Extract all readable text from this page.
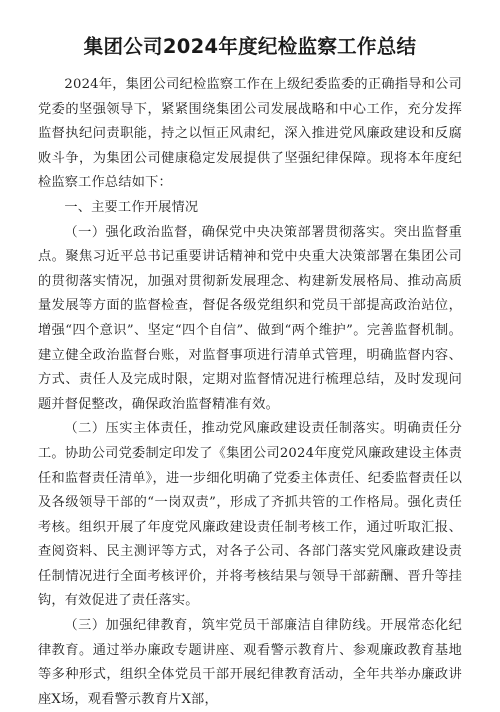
集团公司2024年度纪检监察工作总结

2024年，集团公司纪检监察工作在上级纪委监委的正确指导和公司党委的坚强领导下，紧紧围绕集团公司发展战略和中心工作，充分发挥监督执纪问责职能，持之以恒正风肃纪，深入推进党风廉政建设和反腐败斗争，为集团公司健康稳定发展提供了坚强纪律保障。现将本年度纪检监察工作总结如下：

一、主要工作开展情况

（一）强化政治监督，确保党中央决策部署贯彻落实。突出监督重点。聚焦习近平总书记重要讲话精神和党中央重大决策部署在集团公司的贯彻落实情况，加强对贯彻新发展理念、构建新发展格局、推动高质量发展等方面的监督检查，督促各级党组织和党员干部提高政治站位，增强“四个意识”、坚定“四个自信”、做到“两个维护”。完善监督机制。建立健全政治监督台账，对监督事项进行清单式管理，明确监督内容、方式、责任人及完成时限，定期对监督情况进行梳理总结，及时发现问题并督促整改，确保政治监督精准有效。

（二）压实主体责任，推动党风廉政建设责任制落实。明确责任分工。协助公司党委制定印发了《集团公司2024年度党风廉政建设主体责任和监督责任清单》，进一步细化明确了党委主体责任、纪委监督责任以及各级领导干部的“一岗双责”，形成了齐抓共管的工作格局。强化责任考核。组织开展了年度党风廉政建设责任制考核工作，通过听取汇报、查阅资料、民主测评等方式，对各子公司、各部门落实党风廉政建设责任制情况进行全面考核评价，并将考核结果与领导干部薪酬、晋升等挂钩，有效促进了责任落实。

（三）加强纪律教育，筑牢党员干部廉洁自律防线。开展常态化纪律教育。通过举办廉政专题讲座、观看警示教育片、参观廉政教育基地等多种形式，组织全体党员干部开展纪律教育活动，全年共举办廉政讲座X场，观看警示教育片X部，
